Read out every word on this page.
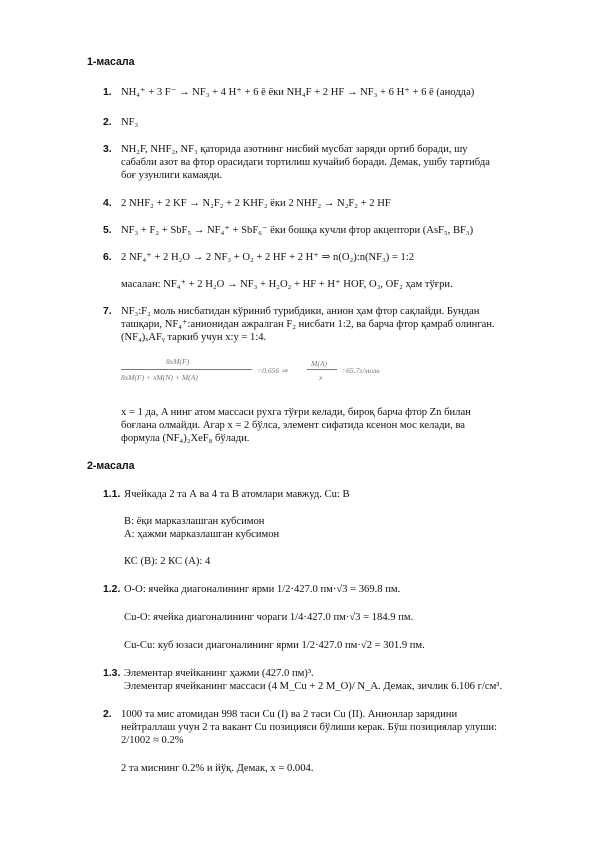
1-масала
1. NH₄⁺ + 3 F⁻ → NF₃ + 4 H⁺ + 6 ē ёки NH₄F + 2 HF → NF₃ + 6 H⁺ + 6 ē (анодда)
2. NF₃
3. NH₂F, NHF₂, NF₃ қаторида азотнинг нисбий мусбат заряди ортиб боради, шу
сабабли азот ва фтор орасидаги тортилиш кучайиб боради. Демак, ушбу тартибда
боғ узунлиги камаяди.
4. 2 NHF₂ + 2 KF → N₂F₂ + 2 KHF₂ ёки 2 NHF₂ → N₂F₂ + 2 HF
5. NF₃ + F₂ + SbF₅ → NF₄⁺ + SbF₆⁻ ёки бошқа кучли фтор акцептори (AsF₅, BF₃)
6. 2 NF₄⁺ + 2 H₂O → 2 NF₃ + O₂ + 2 HF + 2 H⁺ ⇒ n(O₂):n(NF₃) = 1:2
масалан: NF₄⁺ + 2 H₂O → NF₃ + H₂O₂ + HF + H⁺ HOF, O₃, OF₂ ҳам тўғри.
7. NF₃:F₂ моль нисбатидан кўриниб турибдики, анион ҳам фтор сақлайди. Бундан
ташқари, NF₄⁺:анионидан ажралган F₂ нисбати 1:2, ва барча фтор қамраб олинган.
(NF₄)ₓAFᵧ таркиб учун x:y = 1:4.
8xM(F)
8xM(F) + xM(N) + M(A)
=0.656 ⇒
M(A)
x
=65.7г/моль
x = 1 да, A нинг атом массаси рухга тўғри келади, бироқ барча фтор Zn билан
боғлана олмайди. Агар x = 2 бўлса, элемент сифатида ксенон мос келади, ва
формула (NF₄)₂XeF₈ бўлади.
2-масала
1.1. Ячейкада 2 та А ва 4 та В атомлари мавжуд. Cu: B
B: ёқи марказлашган кубсимон
A: ҳажми марказлашган кубсимон
КС (B): 2 КС (A): 4
1.2. O-O: ячейка диагоналининг ярми 1/2·427.0 пм·√3 = 369.8 пм.
Cu-O: ячейка диагоналининг чораги 1/4·427.0 пм·√3 = 184.9 пм.
Cu-Cu: куб юзаси диагоналининг ярми 1/2·427.0 пм·√2 = 301.9 пм.
1.3. Элементар ячейканинг ҳажми (427.0 пм)³.
Элементар ячейканинг массаси (4 M_Cu + 2 M_O)/ N_A. Демак, зичлик 6.106 г/см³.
2. 1000 та мис атомидан 998 таси Cu (I) ва 2 таси Cu (II). Анионлар зарядини
нейтраллаш учун 2 та вакант Cu позицияси бўлиши керак. Бўш позициялар улуши:
2/1002 ≈ 0.2%
2 та миснинг 0.2% и йўқ. Демак, x = 0.004.
